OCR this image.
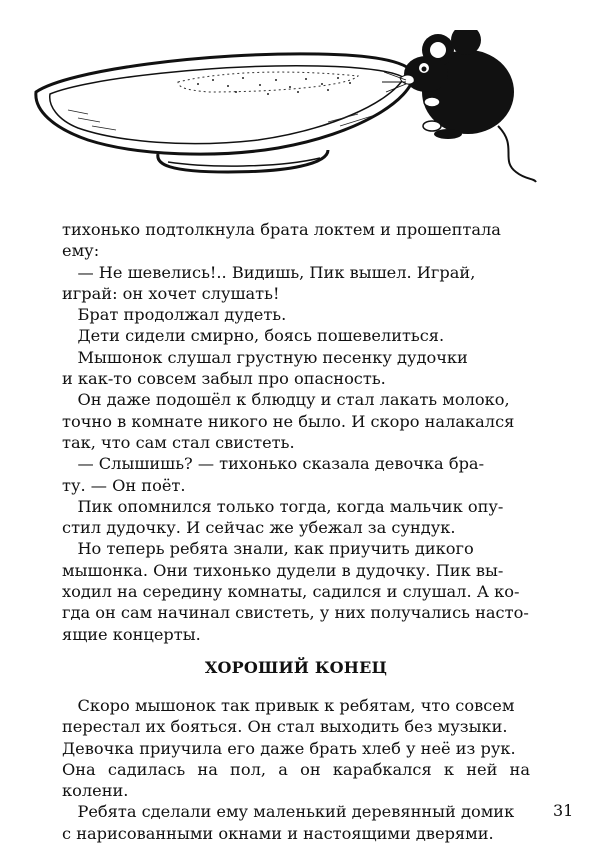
тихонько подтолкнула брата локтем и прошептала
ему:

— Не шевелись!.. Видишь, Пик вышел. Играй,
играй: он хочет слушать!

Брат продолжал дудеть.

Дети сидели смирно, боясь пошевелиться.

Мышонок слушал грустную песенку дудочки
и как-то совсем забыл про опасность.

Он даже подошёл к блюдцу и стал лакать молоко,
точно в комнате никого не было. И скоро налакался
так, что сам стал свистеть.

— Слышишь? — тихонько сказала девочка бра-
ту. — Он поёт.

Пик опомнился только тогда, когда мальчик опу-
стил дудочку. И сейчас же убежал за сундук.

Но теперь ребята знали, как приучить дикого
мышонка. Они тихонько дудели в дудочку. Пик вы-
ходил на середину комнаты, садился и слушал. А ко-
гда он сам начинал свистеть, у них получались насто-
ящие концерты.

ХОРОШИЙ КОНЕЦ

Скоро мышонок так привык к ребятам, что совсем
перестал их бояться. Он стал выходить без музыки.
Девочка приучила его даже брать хлеб у неё из рук.
Она садилась на пол, а он карабкался к ней на колени.

Ребята сделали ему маленький деревянный домик
с нарисованными окнами и настоящими дверями.

31
